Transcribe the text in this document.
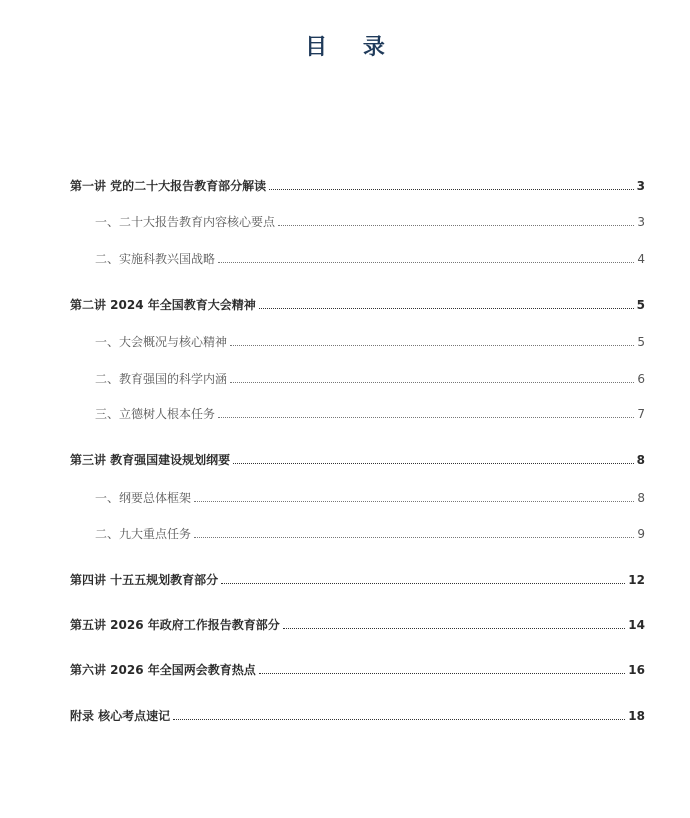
目 录
第一讲 党的二十大报告教育部分解读	3
一、二十大报告教育内容核心要点	3
二、实施科教兴国战略	4
第二讲 2024 年全国教育大会精神	5
一、大会概况与核心精神	5
二、教育强国的科学内涵	6
三、立德树人根本任务	7
第三讲 教育强国建设规划纲要	8
一、纲要总体框架	8
二、九大重点任务	9
第四讲 十五五规划教育部分	12
第五讲 2026 年政府工作报告教育部分	14
第六讲 2026 年全国两会教育热点	16
附录 核心考点速记	18
